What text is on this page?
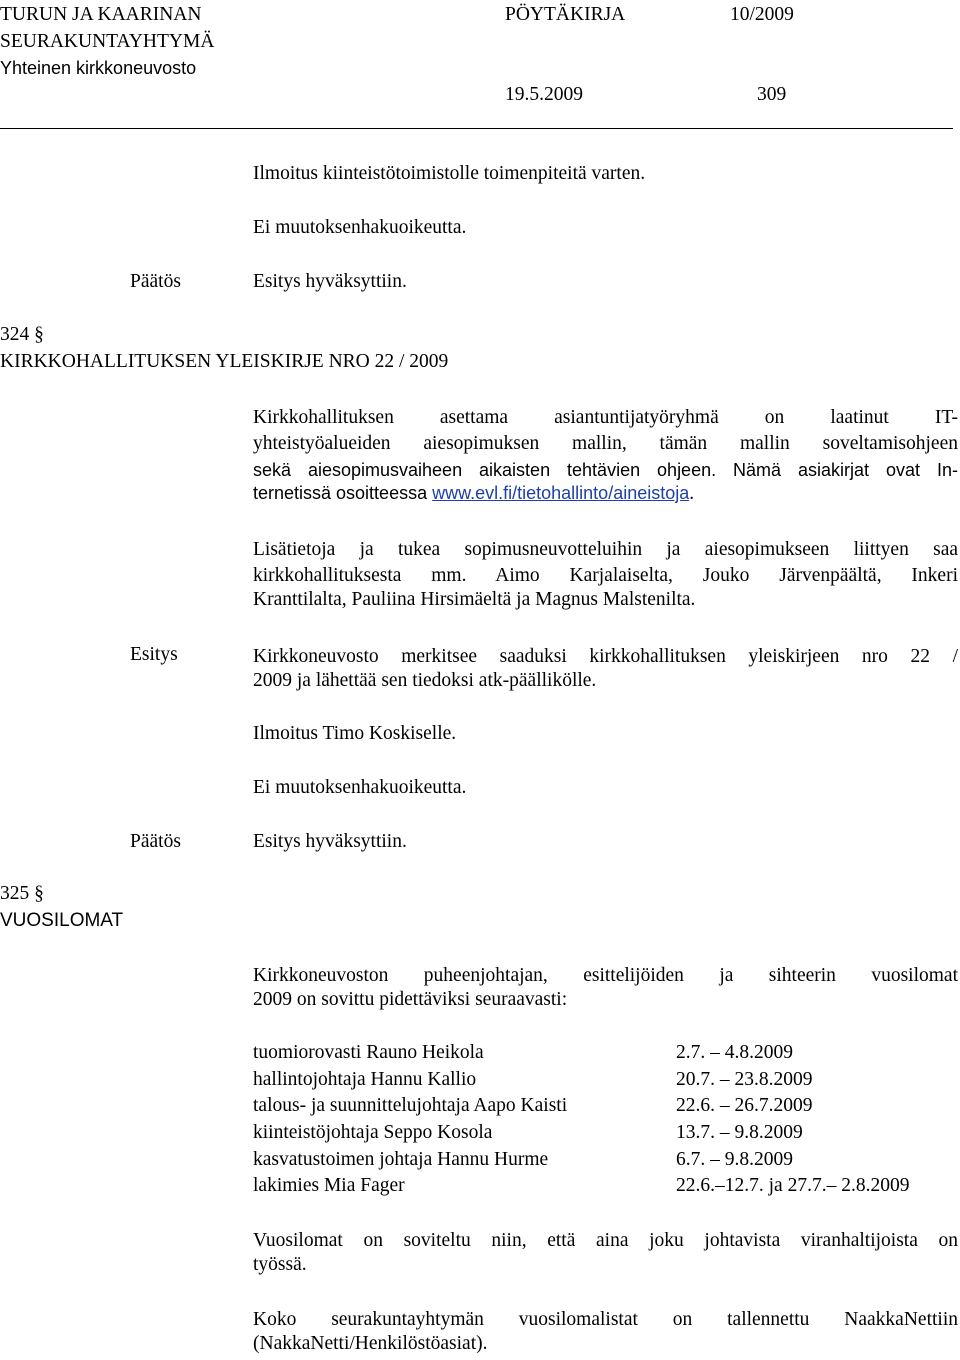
TURUN JA KAARINAN
SEURAKUNTAYHTYMÄ
Yhteinen kirkkoneuvosto
PÖYTÄKIRJA	10/2009
19.5.2009	309
Ilmoitus kiinteistötoimistolle toimenpiteitä varten.
Ei muutoksenhakuoikeutta.
Päätös	Esitys hyväksyttiin.
324 §
KIRKKOHALLITUKSEN YLEISKIRJE NRO 22 / 2009
Kirkkohallituksen asettama asiantuntijatyöryhmä on laatinut IT-
yhteistyöalueiden aiesopimuksen mallin, tämän mallin soveltamisohjeen
sekä aiesopimusvaiheen aikaisten tehtävien ohjeen. Nämä asiakirjat ovat In-
ternetissä osoitteessa www.evl.fi/tietohallinto/aineistoja.
Lisätietoja ja tukea sopimusneuvotteluihin ja aiesopimukseen liittyen saa
kirkkohallituksesta mm. Aimo Karjalaiselta, Jouko Järvenpäältä, Inkeri
Kranttilalta, Pauliina Hirsimäeltä ja Magnus Malstenilta.
Esitys	Kirkkoneuvosto merkitsee saaduksi kirkkohallituksen yleiskirjeen nro 22 /
2009 ja lähettää sen tiedoksi atk-päällikölle.
Ilmoitus Timo Koskiselle.
Ei muutoksenhakuoikeutta.
Päätös	Esitys hyväksyttiin.
325 §
VUOSILOMAT
Kirkkoneuvoston puheenjohtajan, esittelijöiden ja sihteerin vuosilomat
2009 on sovittu pidettäviksi seuraavasti:
tuomiorovasti Rauno Heikola	2.7. – 4.8.2009
hallintojohtaja Hannu Kallio	20.7. – 23.8.2009
talous- ja suunnittelujohtaja Aapo Kaisti	22.6. – 26.7.2009
kiinteistöjohtaja Seppo Kosola	13.7. – 9.8.2009
kasvatustoimen johtaja Hannu Hurme	6.7. – 9.8.2009
lakimies Mia Fager	22.6.–12.7. ja 27.7.– 2.8.2009
Vuosilomat on soviteltu niin, että aina joku johtavista viranhaltijoista on
työssä.
Koko seurakuntayhtymän vuosilomalistat on tallennettu NaakkaNettiin
(NakkaNetti/Henkilöstöasiat).
